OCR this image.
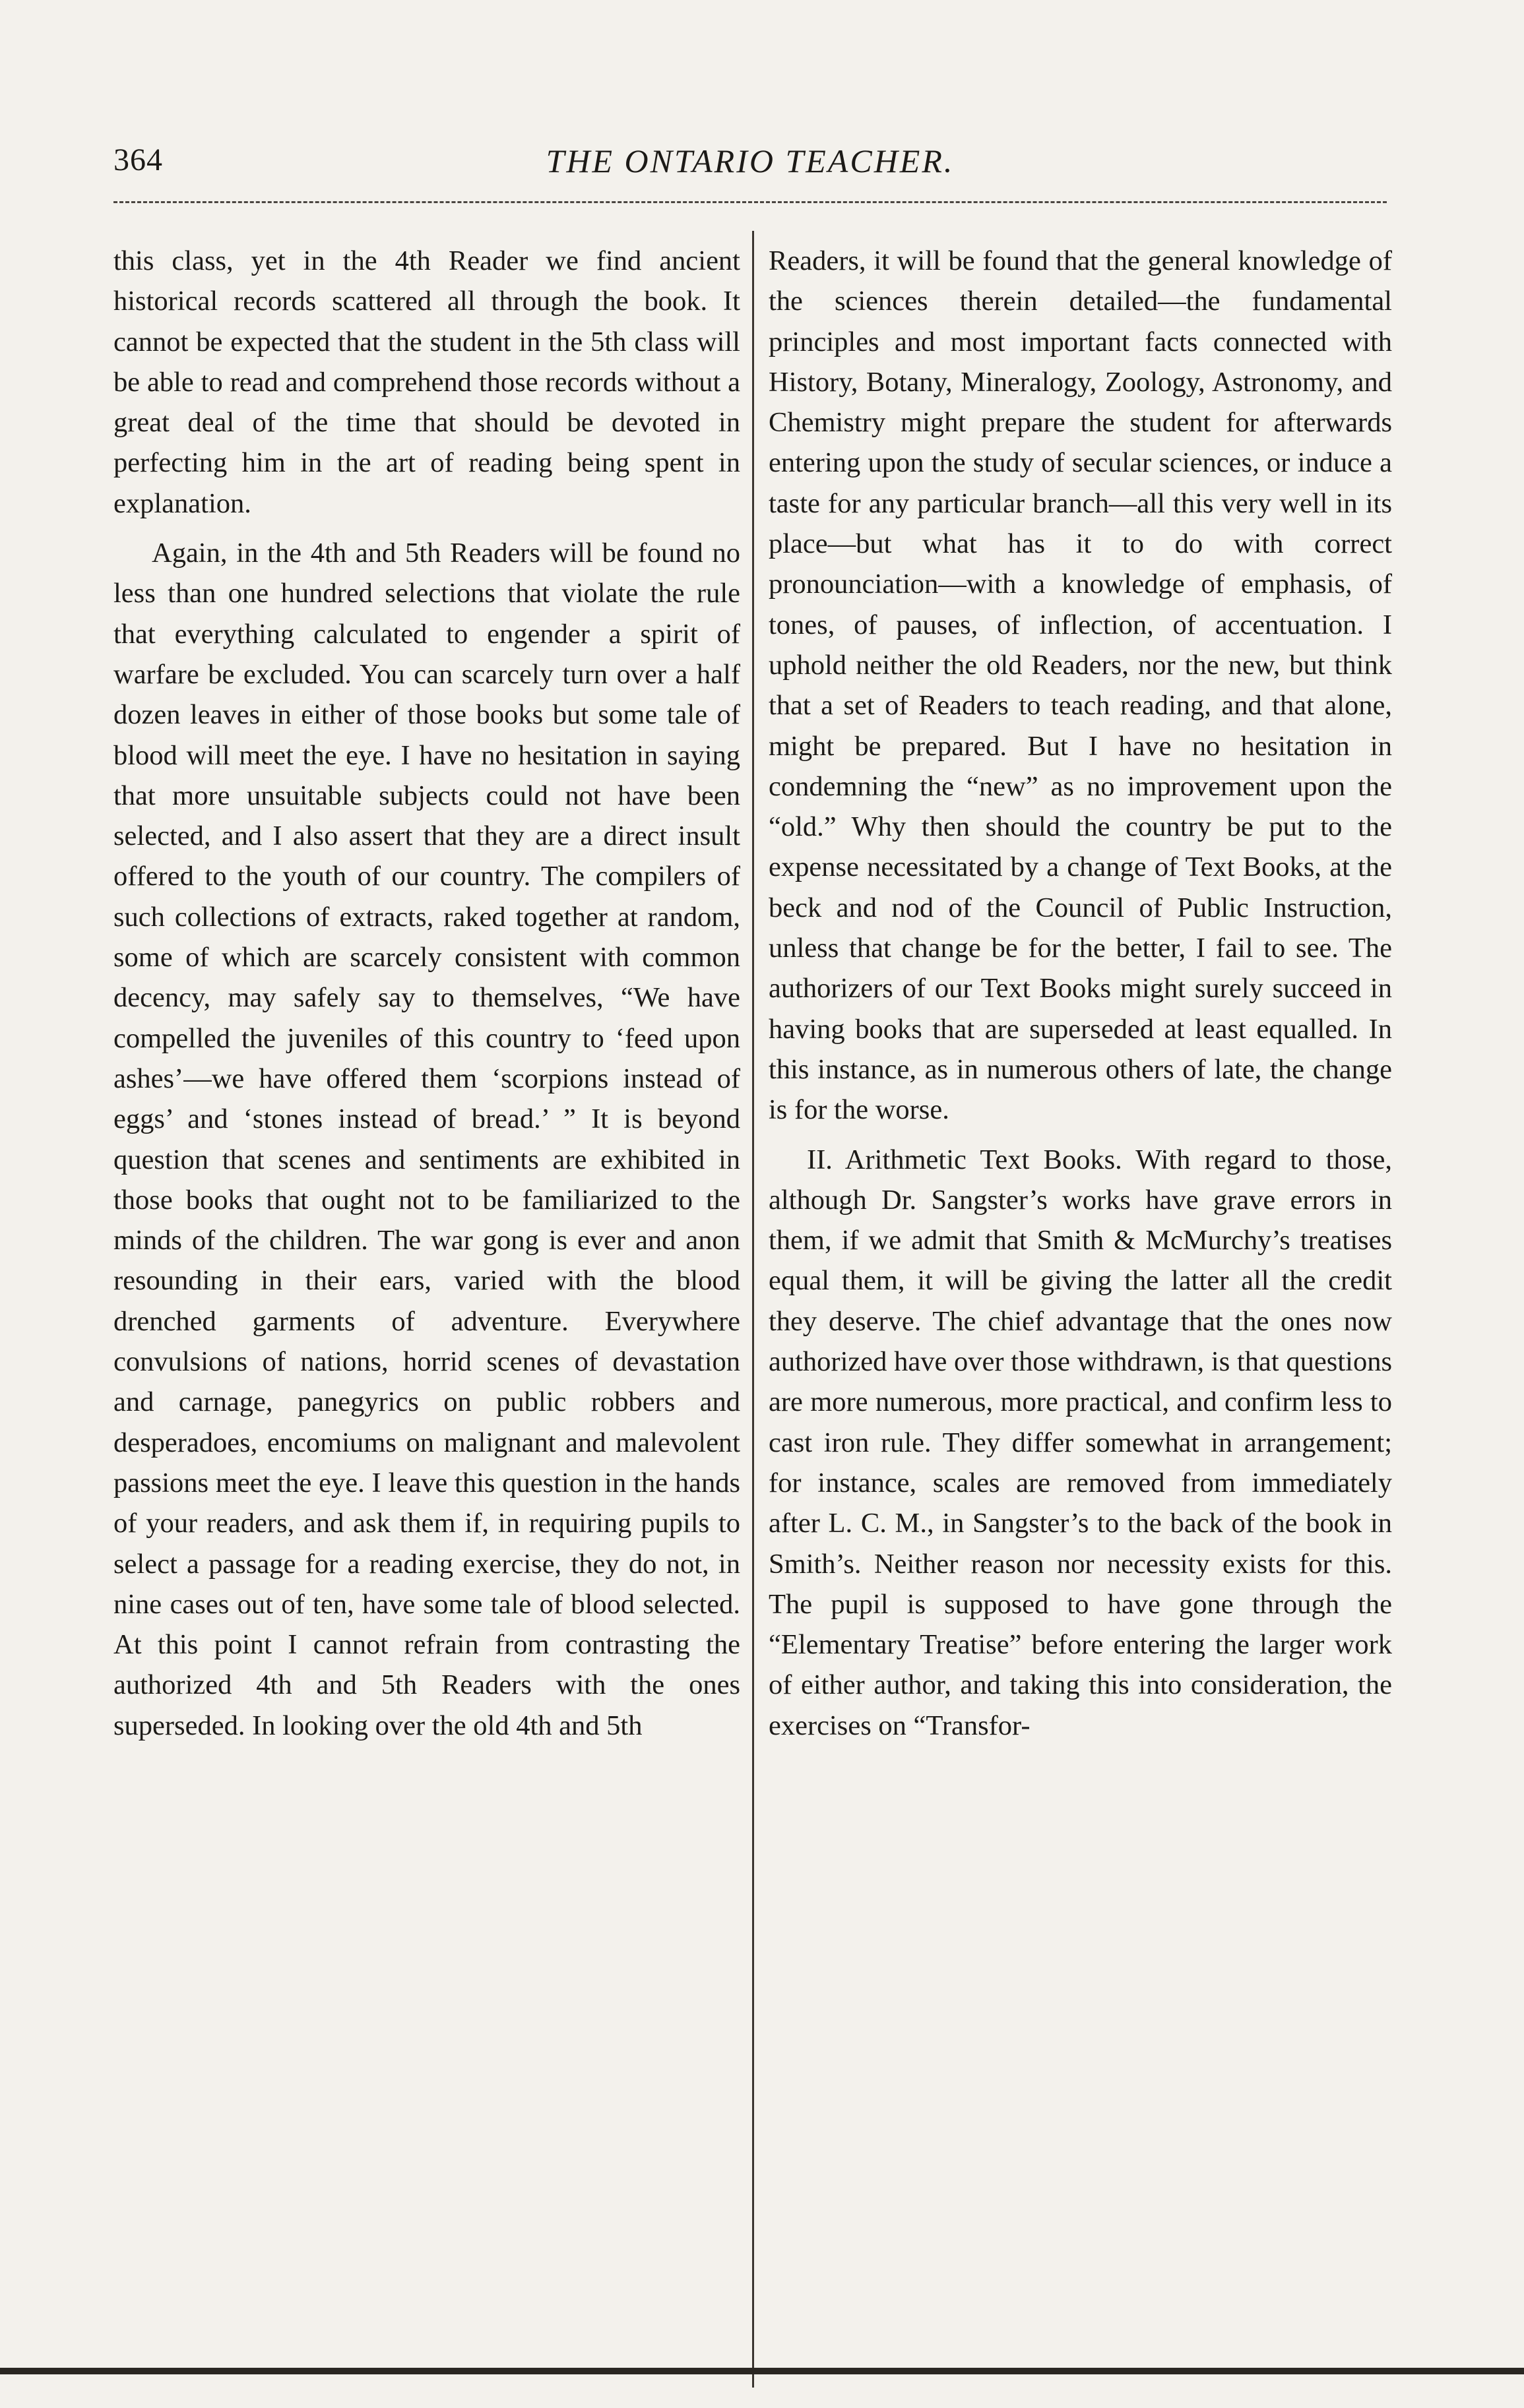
364	THE ONTARIO TEACHER.

this class, yet in the 4th Reader we find ancient historical records scattered all through the book. It cannot be expected that the student in the 5th class will be able to read and comprehend those records without a great deal of the time that should be devoted in perfecting him in the art of reading being spent in explanation.

Again, in the 4th and 5th Readers will be found no less than one hundred selections that violate the rule that everything calculated to engender a spirit of warfare be excluded. You can scarcely turn over a half dozen leaves in either of those books but some tale of blood will meet the eye. I have no hesitation in saying that more unsuitable subjects could not have been selected, and I also assert that they are a direct insult offered to the youth of our country. The compilers of such collections of extracts, raked together at random, some of which are scarcely consistent with common decency, may safely say to themselves, “We have compelled the juveniles of this country to ‘feed upon ashes’—we have offered them ‘scorpions instead of eggs’ and ‘stones instead of bread.’ ” It is beyond question that scenes and sentiments are exhibited in those books that ought not to be familiarized to the minds of the children. The war gong is ever and anon resounding in their ears, varied with the blood drenched garments of adventure. Everywhere convulsions of nations, horrid scenes of devastation and carnage, panegyrics on public robbers and desperadoes, encomiums on malignant and malevolent passions meet the eye. I leave this question in the hands of your readers, and ask them if, in requiring pupils to select a passage for a reading exercise, they do not, in nine cases out of ten, have some tale of blood selected. At this point I cannot refrain from contrasting the authorized 4th and 5th Readers with the ones superseded. In looking over the old 4th and 5th

Readers, it will be found that the general knowledge of the sciences therein detailed—the fundamental principles and most important facts connected with History, Botany, Mineralogy, Zoology, Astronomy, and Chemistry might prepare the student for afterwards entering upon the study of secular sciences, or induce a taste for any particular branch—all this very well in its place—but what has it to do with correct pronounciation—with a knowledge of emphasis, of tones, of pauses, of inflection, of accentuation. I uphold neither the old Readers, nor the new, but think that a set of Readers to teach reading, and that alone, might be prepared. But I have no hesitation in condemning the “new” as no improvement upon the “old.” Why then should the country be put to the expense necessitated by a change of Text Books, at the beck and nod of the Council of Public Instruction, unless that change be for the better, I fail to see. The authorizers of our Text Books might surely succeed in having books that are superseded at least equalled. In this instance, as in numerous others of late, the change is for the worse.

II. Arithmetic Text Books. With regard to those, although Dr. Sangster’s works have grave errors in them, if we admit that Smith & McMurchy’s treatises equal them, it will be giving the latter all the credit they deserve. The chief advantage that the ones now authorized have over those withdrawn, is that questions are more numerous, more practical, and confirm less to cast iron rule. They differ somewhat in arrangement; for instance, scales are removed from immediately after L. C. M., in Sangster’s to the back of the book in Smith’s. Neither reason nor necessity exists for this. The pupil is supposed to have gone through the “Elementary Treatise” before entering the larger work of either author, and taking this into consideration, the exercises on “Transfor-
